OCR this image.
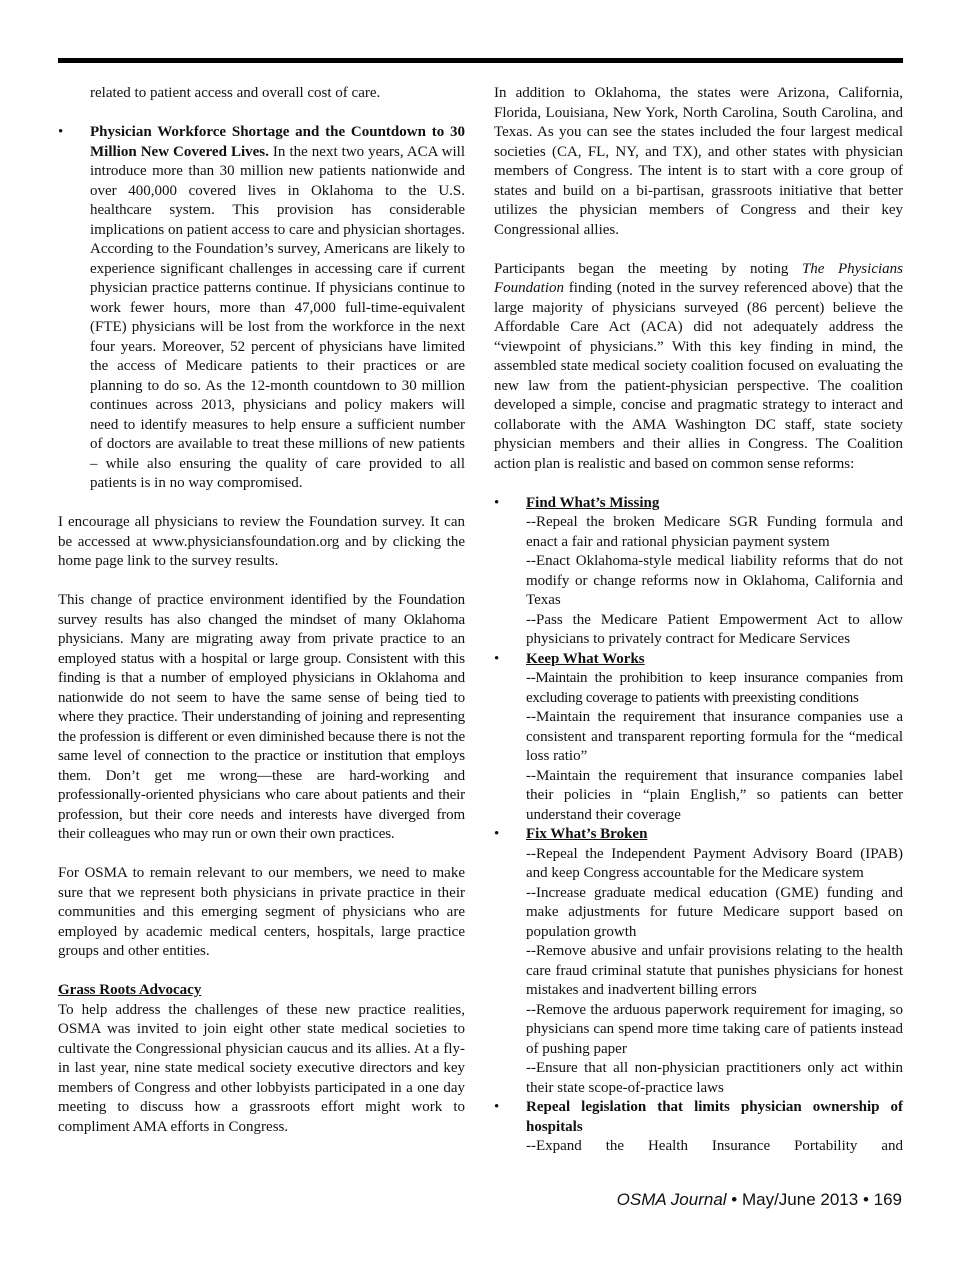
related to patient access and overall cost of care.

• Physician Workforce Shortage and the Countdown to 30 Million New Covered Lives. In the next two years, ACA will introduce more than 30 million new patients nationwide and over 400,000 covered lives in Oklahoma to the U.S. healthcare system. This provision has considerable implications on patient access to care and physician shortages. According to the Foundation’s survey, Americans are likely to experience significant challenges in accessing care if current physician practice patterns continue. If physicians continue to work fewer hours, more than 47,000 full-time-equivalent (FTE) physicians will be lost from the workforce in the next four years. Moreover, 52 percent of physicians have limited the access of Medicare patients to their practices or are planning to do so. As the 12-month countdown to 30 million continues across 2013, physicians and policy makers will need to identify measures to help ensure a sufficient number of doctors are available to treat these millions of new patients – while also ensuring the quality of care provided to all patients is in no way compromised.

I encourage all physicians to review the Foundation survey. It can be accessed at www.physiciansfoundation.org and by clicking the home page link to the survey results.

This change of practice environment identified by the Foundation survey results has also changed the mindset of many Oklahoma physicians. Many are migrating away from private practice to an employed status with a hospital or large group. Consistent with this finding is that a number of employed physicians in Oklahoma and nationwide do not seem to have the same sense of being tied to where they practice. Their understanding of joining and representing the profession is different or even diminished because there is not the same level of connection to the practice or institution that employs them. Don’t get me wrong—these are hard-working and professionally-oriented physicians who care about patients and their profession, but their core needs and interests have diverged from their colleagues who may run or own their own practices.

For OSMA to remain relevant to our members, we need to make sure that we represent both physicians in private practice in their communities and this emerging segment of physicians who are employed by academic medical centers, hospitals, large practice groups and other entities.

Grass Roots Advocacy

To help address the challenges of these new practice realities, OSMA was invited to join eight other state medical societies to cultivate the Congressional physician caucus and its allies. At a fly-in last year, nine state medical society executive directors and key members of Congress and other lobbyists participated in a one day meeting to discuss how a grassroots effort might work to compliment AMA efforts in Congress.

In addition to Oklahoma, the states were Arizona, California, Florida, Louisiana, New York, North Carolina, South Carolina, and Texas. As you can see the states included the four largest medical societies (CA, FL, NY, and TX), and other states with physician members of Congress. The intent is to start with a core group of states and build on a bi-partisan, grassroots initiative that better utilizes the physician members of Congress and their key Congressional allies.

Participants began the meeting by noting The Physicians Foundation finding (noted in the survey referenced above) that the large majority of physicians surveyed (86 percent) believe the Affordable Care Act (ACA) did not adequately address the “viewpoint of physicians.” With this key finding in mind, the assembled state medical society coalition focused on evaluating the new law from the patient-physician perspective. The coalition developed a simple, concise and pragmatic strategy to interact and collaborate with the AMA Washington DC staff, state society physician members and their allies in Congress. The Coalition action plan is realistic and based on common sense reforms:

• Find What’s Missing

--Repeal the broken Medicare SGR Funding formula and enact a fair and rational physician payment system

--Enact Oklahoma-style medical liability reforms that do not modify or change reforms now in Oklahoma, California and Texas

--Pass the Medicare Patient Empowerment Act to allow physicians to privately contract for Medicare Services

• Keep What Works

--Maintain the prohibition to keep insurance companies from excluding coverage to patients with preexisting conditions

--Maintain the requirement that insurance companies use a consistent and transparent reporting formula for the “medical loss ratio”

--Maintain the requirement that insurance companies label their policies in “plain English,” so patients can better understand their coverage

• Fix What’s Broken

--Repeal the Independent Payment Advisory Board (IPAB) and keep Congress accountable for the Medicare system

--Increase graduate medical education (GME) funding and make adjustments for future Medicare support based on population growth

--Remove abusive and unfair provisions relating to the health care fraud criminal statute that punishes physicians for honest mistakes and inadvertent billing errors

--Remove the arduous paperwork requirement for imaging, so physicians can spend more time taking care of patients instead of pushing paper

--Ensure that all non-physician practitioners only act within their state scope-of-practice laws

• Repeal legislation that limits physician ownership of hospitals

--Expand the Health Insurance Portability and

OSMA Journal • May/June 2013 • 169
